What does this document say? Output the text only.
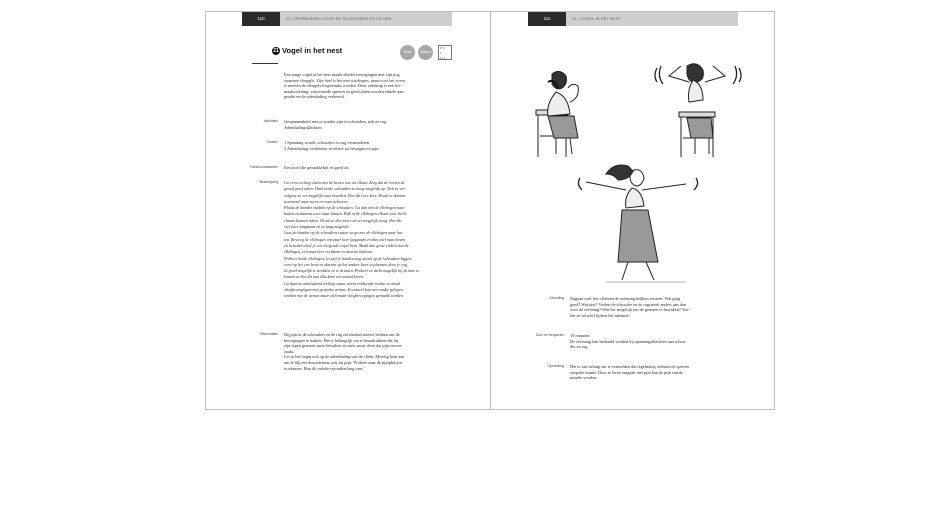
110	14 | OEFENINGEN VOOR DE SCHOUDERS EN DE NEK	111	21 | VOGEL IN HET NEST
21 Vogel in het nest	Stoel	Staand
• • •
•
• • •
Een jonge vogel in het nest maakt allerlei bewegingen met zijn nog
stramme vleugels. Zijn doel is het nest uitvliegen, maar voor het zover
is moeten de vleugels losgemaakt worden. Deze oefening is een los-
maakoefening: vastzittende spieren en gewrichten worden enkele aan-
gezakt en de ademhaling verbeterd.
Indicaties Gespannenheid met of zonder pijn in schouders, nek en rug.
Ademhalingsklachten.
Doelen 1 Spanning in nek, schouders en rug verminderen.
2 Ademhaling verbeteren in relatie tot bewegen en pijn.
Randvoorwaarden Een stoel die gemakkelijk en goed zit.
Beschrijving Ga eerst rechtop zitten met de benen iets uit elkaar. Zorg dat de voeten de
grond goed raken. Haal beide schouders zo hoog mogelijk op. Trek ze ver-
volgens zo ver mogelijk naar beneden. Doe dit twee keer. Draai ze daarna
tweemaal naar voren en naar achteren.
Plaats de handen midden op de schouders. Ga dan met de ellebogen naar
buiten en daarna weer naar binnen. Kijk of de ellebogen elkaar voor het li-
chaam kunnen raken. Draai ze dan zover zo ver mogelijk terug. Doe dit
vier keer langzaam en zo laag mogelijk.
Laat de handen op de schouders rusten en ga met de ellebogen naar bui-
ten. Beweeg de ellebogen een paar keer langzaam en dan snel naar boven
en beneden alsof je een vliegende vogel bent. Maak dan grote cirkels met de
ellebogen, een paar keer rechtsom en daarna linksom.
Probeer beide ellebogen, terwijl je handen nog steeds op de schouders liggen,
eerst op het ene been en daarna op het andere been te plaatsen door je rug,
zo goed mogelijk te strekken en te draaien. Probeer zo dicht mogelijk bij de knie te
komen en doe dit aan elke kant een aantal keren.
Ga daarna aansluitend rechtop staan, neem voldoende ruimte en maak
vliegbewegingen met gestrekte armen. Eventueel kan een rondje gelopen
worden met de armen maar zich maar vliegbewegingen gemaakt worden.
Observaties Bij pijn in de schouders en de rug zal iemand moeite hebben om de
bewegingen te maken. Het is belangrijk om te benadrukken dat hij
zijn eigen grenzen moet bewaken en niets moet doen dat pijn veroor-
zaakt.
Let in het begin ook op de ademhaling van de cliënt. Moedig hem aan
om te blijven doorademen, ook bij pijn: 'Probeer naar de pijnplek toe
te ademen. Hou dit enkele seconden lang vast.'
Afronding Nagaan over hoe cliënten de oefening hebben ervaren. Wat ging
goed? Wat niet? Voelen de schouder en de rugstreek anders aan dan
voor de oefening? Was het mogelijk om de grenzen te bewaken? Voe-
len ze verschil tijdens het ademen?
Duur en frequentie 10 minuten.
De oefening kan herhaald worden bij spanningsklachten aan schou-
der en rug.
Opmerking Het is van belang om te vermelden dat regelmatig oefenen de spieren
soepeler maakt. Door te leren omgaan met pijn kan de pijn steeds
minder worden.
